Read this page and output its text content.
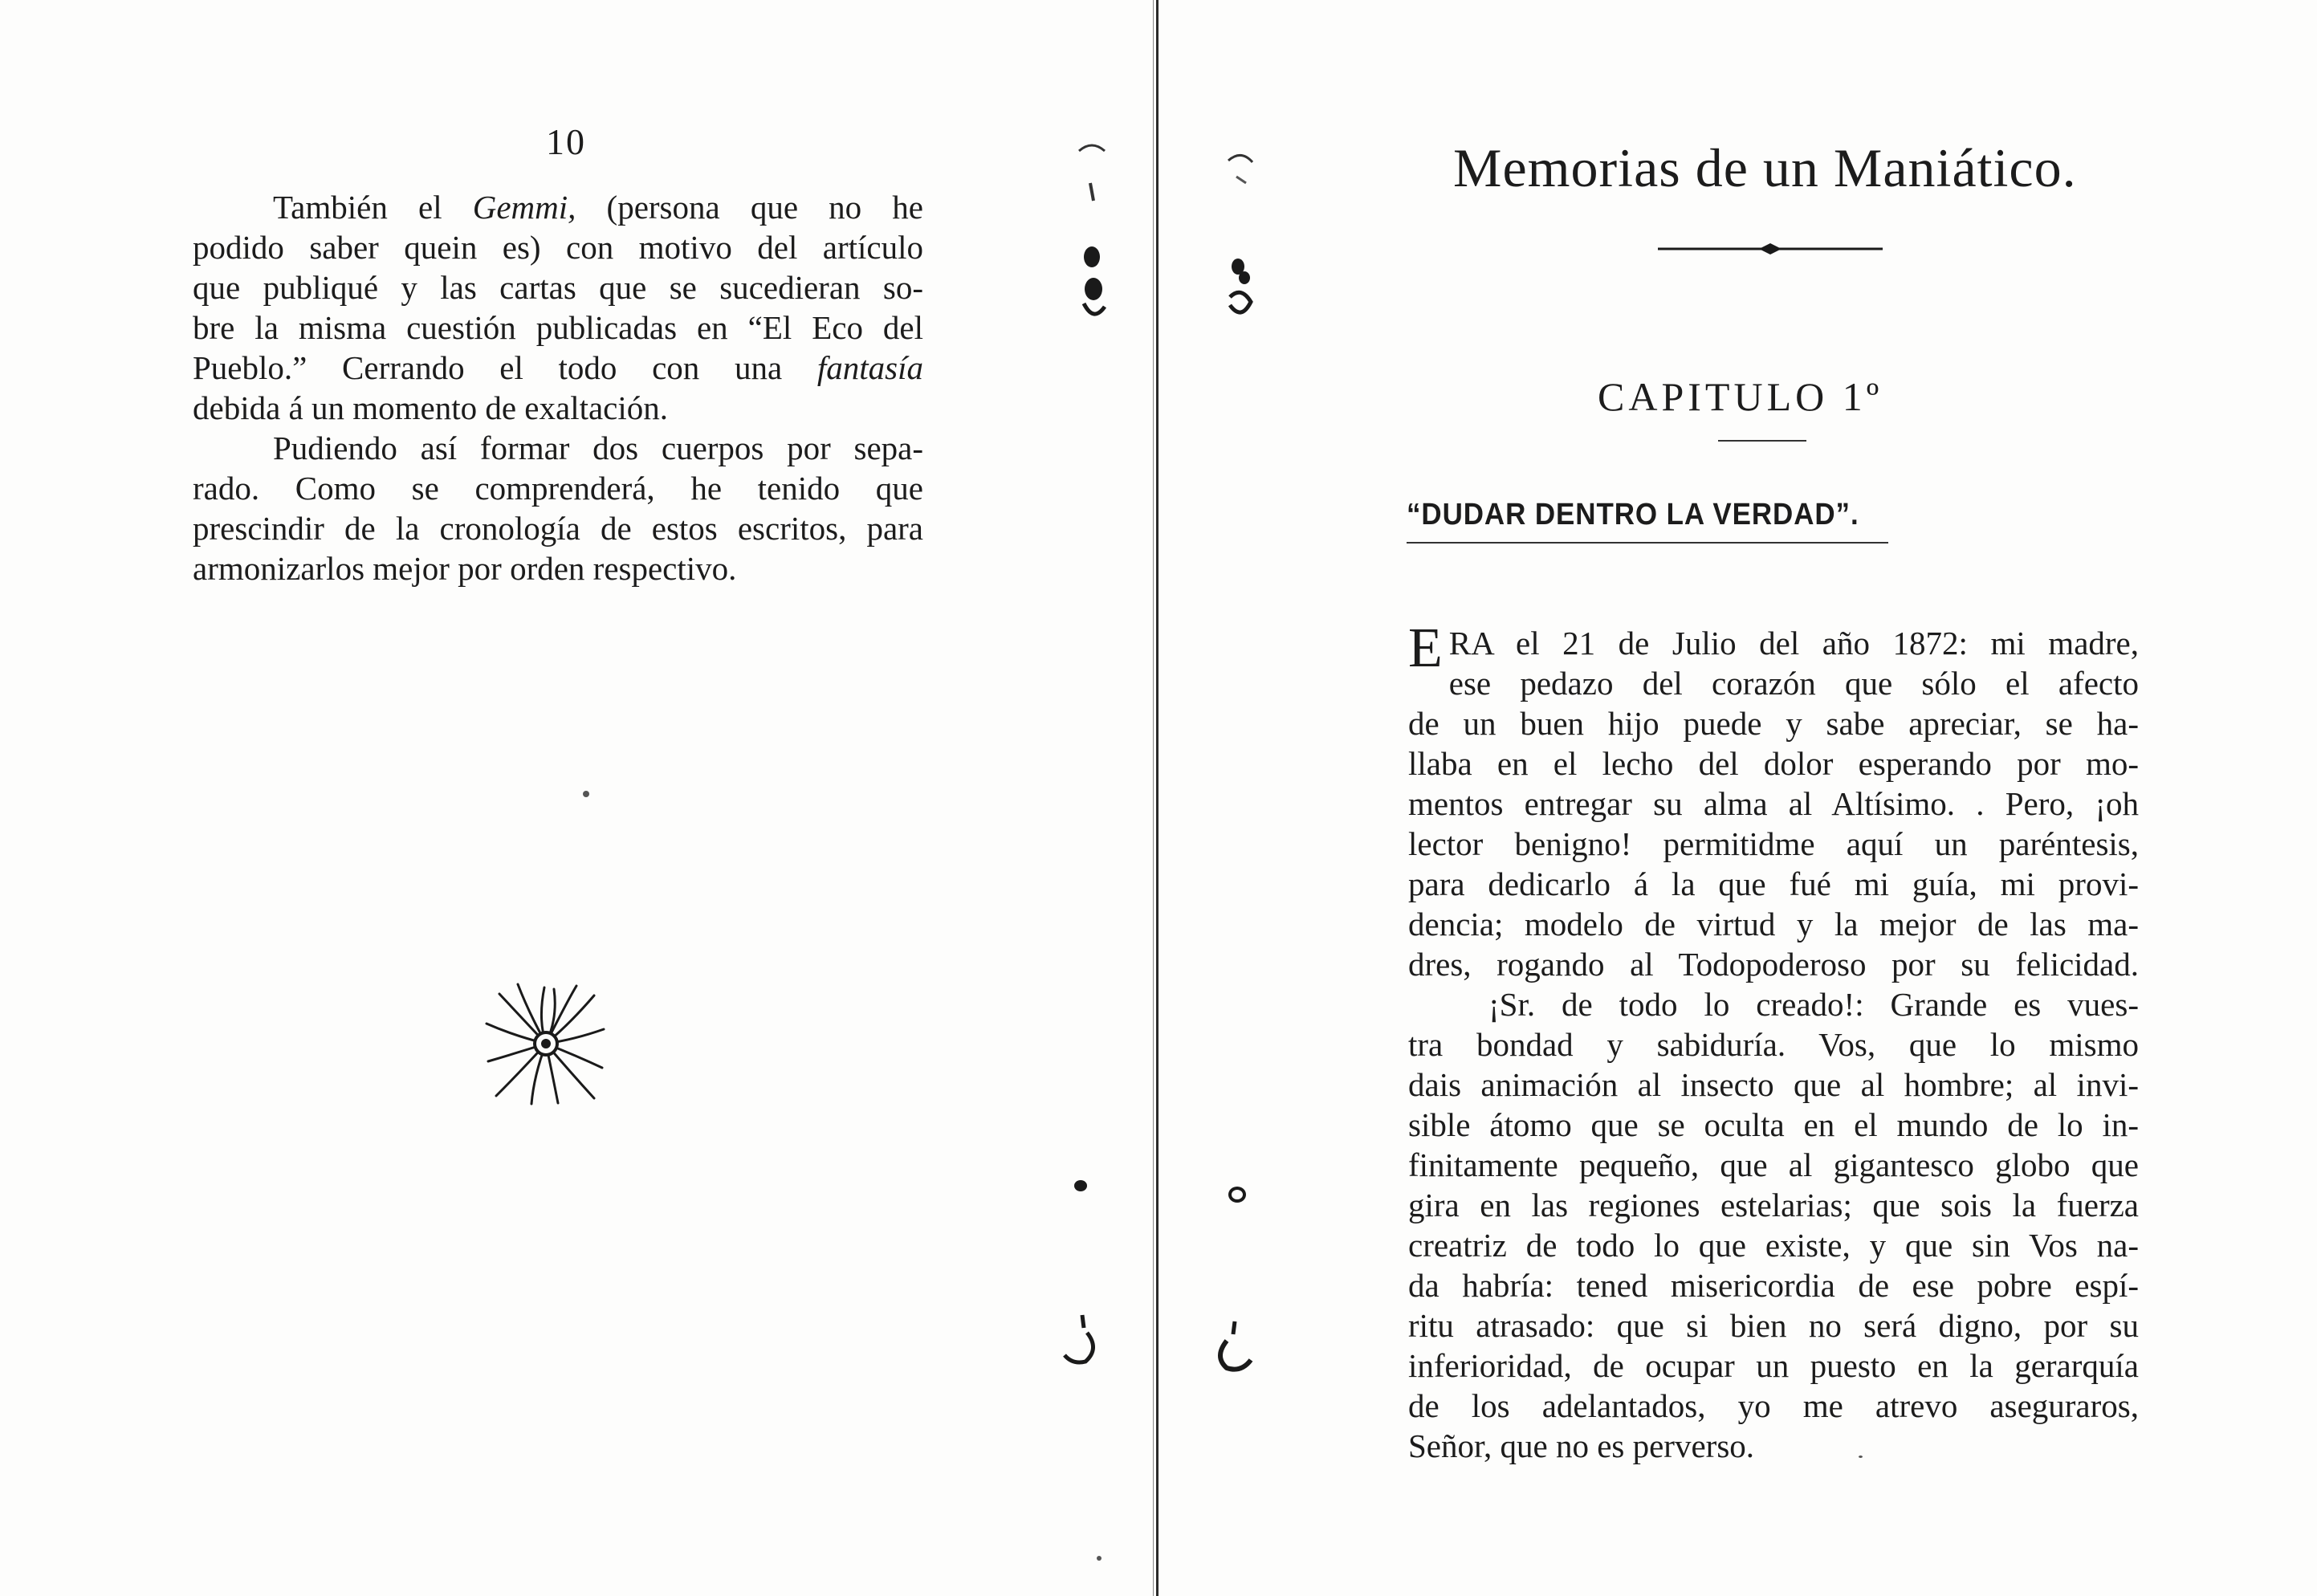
10
También el Gemmi, (persona que no he
podido saber quein es) con motivo del artículo
que publiqué y las cartas que se sucedieran so-
bre la misma cuestión publicadas en “El Eco del
Pueblo.” Cerrando el todo con una fantasía
debida á un momento de exaltación.
Pudiendo así formar dos cuerpos por sepa-
rado. Como se comprenderá, he tenido que
prescindir de la cronología de estos escritos, para
armonizarlos mejor por orden respectivo.
Memorias de un Maniático.
CAPITULO 1º
“DUDAR DENTRO LA VERDAD”.
E RA el 21 de Julio del año 1872: mi madre,
ese pedazo del corazón que sólo el afecto
de un buen hijo puede y sabe apreciar, se ha-
llaba en el lecho del dolor esperando por mo-
mentos entregar su alma al Altísimo. . Pero, ¡oh
lector benigno! permitidme aquí un paréntesis,
para dedicarlo á la que fué mi guía, mi provi-
dencia; modelo de virtud y la mejor de las ma-
dres, rogando al Todopoderoso por su felicidad.
¡Sr. de todo lo creado!: Grande es vues-
tra bondad y sabiduría. Vos, que lo mismo
dais animación al insecto que al hombre; al invi-
sible átomo que se oculta en el mundo de lo in-
finitamente pequeño, que al gigantesco globo que
gira en las regiones estelarias; que sois la fuerza
creatriz de todo lo que existe, y que sin Vos na-
da habría: tened misericordia de ese pobre espí-
ritu atrasado: que si bien no será digno, por su
inferioridad, de ocupar un puesto en la gerarquía
de los adelantados, yo me atrevo aseguraros,
Señor, que no es perverso.
